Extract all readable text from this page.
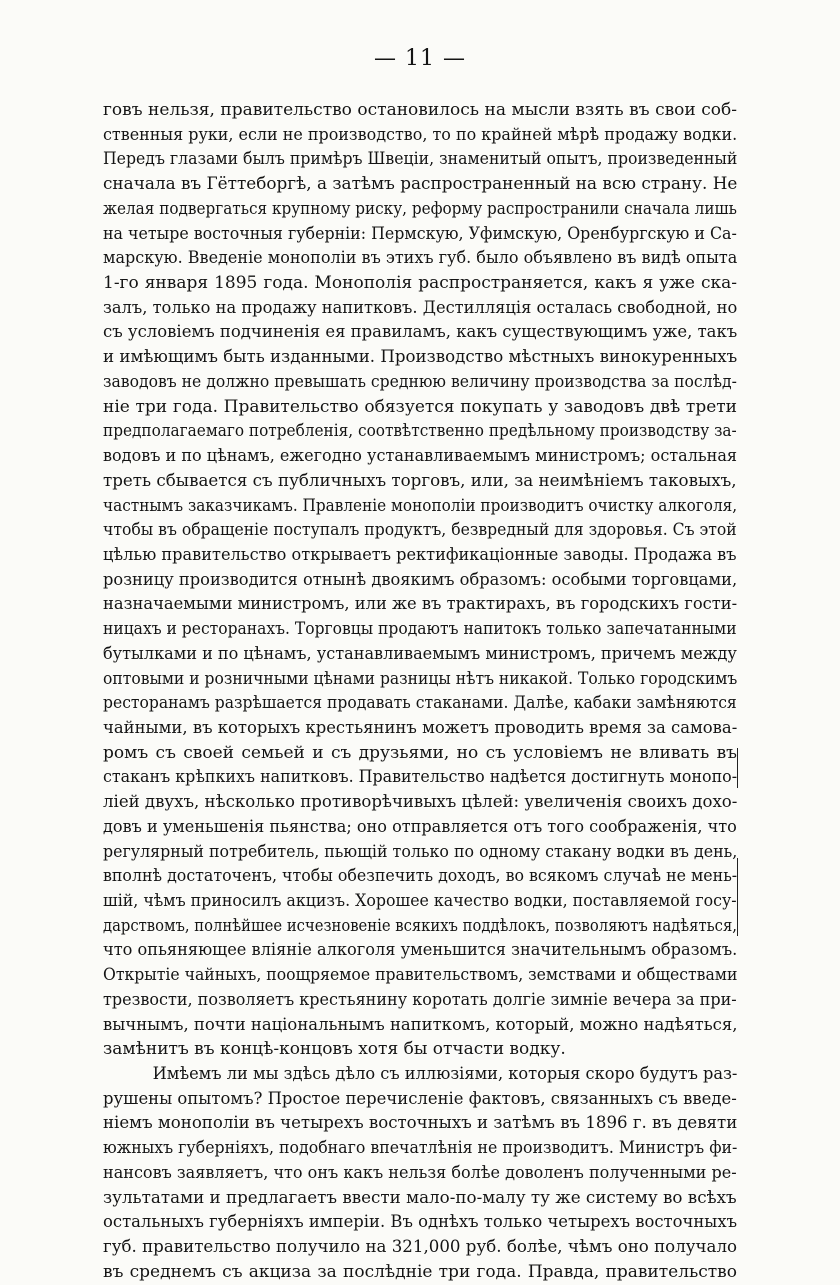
— 11 —
говъ нельзя, правительство остановилось на мысли взять въ свои соб-
ственныя руки, если не производство, то по крайней мѣрѣ продажу водки.
Передъ глазами былъ примѣръ Швеціи, знаменитый опытъ, произведенный
сначала въ Гёттеборгѣ, а затѣмъ распространенный на всю страну. Не
желая подвергаться крупному риску, реформу распространили сначала лишь
на четыре восточныя губерніи: Пермскую, Уфимскую, Оренбургскую и Са-
марскую. Введеніе монополіи въ этихъ губ. было объявлено въ видѣ опыта
1-го января 1895 года. Монополія распространяется, какъ я уже ска-
залъ, только на продажу напитковъ. Дестилляція осталась свободной, но
съ условіемъ подчиненія ея правиламъ, какъ существующимъ уже, такъ
и имѣющимъ быть изданными. Производство мѣстныхъ винокуренныхъ
заводовъ не должно превышать среднюю величину производства за послѣд-
ніе три года. Правительство обязуется покупать у заводовъ двѣ трети
предполагаемаго потребленія, соотвѣтственно предѣльному производству за-
водовъ и по цѣнамъ, ежегодно устанавливаемымъ министромъ; остальная
треть сбывается съ публичныхъ торговъ, или, за неимѣніемъ таковыхъ,
частнымъ заказчикамъ. Правленіе монополіи производитъ очистку алкоголя,
чтобы въ обращеніе поступалъ продуктъ, безвредный для здоровья. Съ этой
цѣлью правительство открываетъ ректификаціонные заводы. Продажа въ
розницу производится отнынѣ двоякимъ образомъ: особыми торговцами,
назначаемыми министромъ, или же въ трактирахъ, въ городскихъ гости-
ницахъ и ресторанахъ. Торговцы продаютъ напитокъ только запечатанными
бутылками и по цѣнамъ, устанавливаемымъ министромъ, причемъ между
оптовыми и розничными цѣнами разницы нѣтъ никакой. Только городскимъ
ресторанамъ разрѣшается продавать стаканами. Далѣе, кабаки замѣняются
чайными, въ которыхъ крестьянинъ можетъ проводить время за самова-
ромъ съ своей семьей и съ друзьями, но съ условіемъ не вливать въ
стаканъ крѣпкихъ напитковъ. Правительство надѣется достигнуть монопо-
ліей двухъ, нѣсколько противорѣчивыхъ цѣлей: увеличенія своихъ дохо-
довъ и уменьшенія пьянства; оно отправляется отъ того соображенія, что
регулярный потребитель, пьющій только по одному стакану водки въ день,
вполнѣ достаточенъ, чтобы обезпечить доходъ, во всякомъ случаѣ не мень-
шій, чѣмъ приносилъ акцизъ. Хорошее качество водки, поставляемой госу-
дарствомъ, полнѣйшее исчезновеніе всякихъ поддѣлокъ, позволяютъ надѣяться,
что опьяняющее вліяніе алкоголя уменьшится значительнымъ образомъ.
Открытіе чайныхъ, поощряемое правительствомъ, земствами и обществами
трезвости, позволяетъ крестьянину коротать долгіе зимніе вечера за при-
вычнымъ, почти національнымъ напиткомъ, который, можно надѣяться,
замѣнитъ въ концѣ-концовъ хотя бы отчасти водку.
Имѣемъ ли мы здѣсь дѣло съ иллюзіями, которыя скоро будутъ раз-
рушены опытомъ? Простое перечисленіе фактовъ, связанныхъ съ введе-
ніемъ монополіи въ четырехъ восточныхъ и затѣмъ въ 1896 г. въ девяти
южныхъ губерніяхъ, подобнаго впечатлѣнія не производитъ. Министръ фи-
нансовъ заявляетъ, что онъ какъ нельзя болѣе доволенъ полученными ре-
зультатами и предлагаетъ ввести мало-по-малу ту же систему во всѣхъ
остальныхъ губерніяхъ имперіи. Въ однѣхъ только четырехъ восточныхъ
губ. правительство получило на 321,000 руб. болѣе, чѣмъ оно получало
въ среднемъ съ акциза за послѣдніе три года. Правда, правительство
